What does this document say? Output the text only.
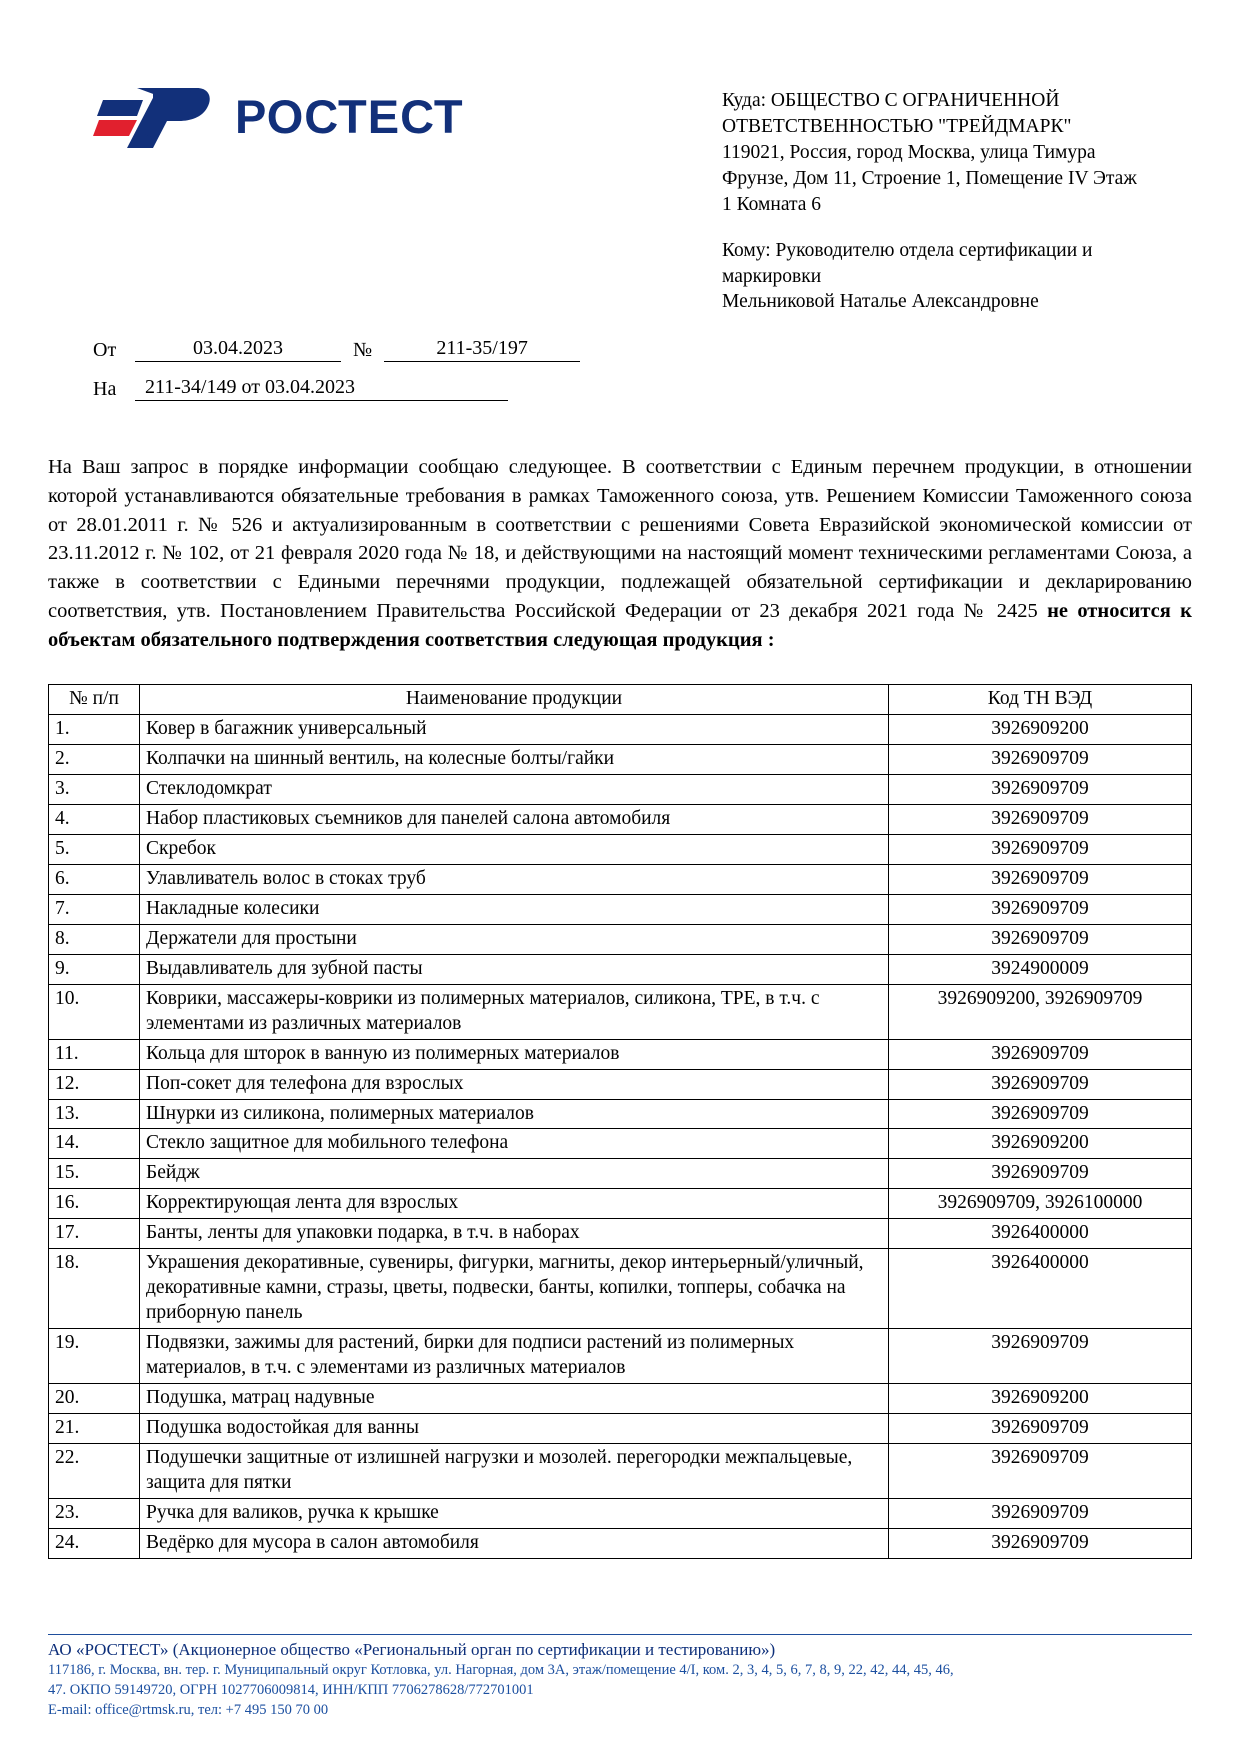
РОСТЕСТ	Куда: ОБЩЕСТВО С ОГРАНИЧЕННОЙ
ОТВЕТСТВЕННОСТЬЮ "ТРЕЙДМАРК"
119021, Россия, город Москва, улица Тимура
Фрунзе, Дом 11, Строение 1, Помещение IV Этаж
1 Комната 6
Кому: Руководителю отдела сертификации и
маркировки
Мельниковой Наталье Александровне
От	03.04.2023	№	211-35/197
На	211-34/149 от 03.04.2023
На Ваш запрос в порядке информации сообщаю следующее. В соответствии с Единым перечнем продукции, в отношении которой устанавливаются обязательные требования в рамках Таможенного союза, утв. Решением Комиссии Таможенного союза от 28.01.2011 г. № 526 и актуализированным в соответствии с решениями Совета Евразийской экономической комиссии от 23.11.2012 г. № 102, от 21 февраля 2020 года № 18, и действующими на настоящий момент техническими регламентами Союза, а также в соответствии с Едиными перечнями продукции, подлежащей обязательной сертификации и декларированию соответствия, утв. Постановлением Правительства Российской Федерации от 23 декабря 2021 года № 2425 не относится к объектам обязательного подтверждения соответствия следующая продукция :
№ п/п	Наименование продукции	Код ТН ВЭД
1.	Ковер в багажник универсальный	3926909200
2.	Колпачки на шинный вентиль, на колесные болты/гайки	3926909709
3.	Стеклодомкрат	3926909709
4.	Набор пластиковых съемников для панелей салона автомобиля	3926909709
5.	Скребок	3926909709
6.	Улавливатель волос в стоках труб	3926909709
7.	Накладные колесики	3926909709
8.	Держатели для простыни	3926909709
9.	Выдавливатель для зубной пасты	3924900009
10.	Коврики, массажеры-коврики из полимерных материалов, силикона, ТРЕ, в т.ч. с элементами из различных материалов	3926909200, 3926909709
11.	Кольца для шторок в ванную из полимерных материалов	3926909709
12.	Поп-сокет для телефона для взрослых	3926909709
13.	Шнурки из силикона, полимерных материалов	3926909709
14.	Стекло защитное для мобильного телефона	3926909200
15.	Бейдж	3926909709
16.	Корректирующая лента для взрослых	3926909709, 3926100000
17.	Банты, ленты для упаковки подарка, в т.ч. в наборах	3926400000
18.	Украшения декоративные, сувениры, фигурки, магниты, декор интерьерный/уличный, декоративные камни, стразы, цветы, подвески, банты, копилки, топперы, собачка на приборную панель	3926400000
19.	Подвязки, зажимы для растений, бирки для подписи растений из полимерных материалов, в т.ч. с элементами из различных материалов	3926909709
20.	Подушка, матрац надувные	3926909200
21.	Подушка водостойкая для ванны	3926909709
22.	Подушечки защитные от излишней нагрузки и мозолей. перегородки межпальцевые, защита для пятки	3926909709
23.	Ручка для валиков, ручка к крышке	3926909709
24.	Ведёрко для мусора в салон автомобиля	3926909709
АО «РОСТЕСТ» (Акционерное общество «Региональный орган по сертификации и тестированию»)
117186, г. Москва, вн. тер. г. Муниципальный округ Котловка, ул. Нагорная, дом 3А, этаж/помещение 4/I, ком. 2, 3, 4, 5, 6, 7, 8, 9, 22, 42, 44, 45, 46,
47. ОКПО 59149720, ОГРН 1027706009814, ИНН/КПП 7706278628/772701001
E-mail: office@rtmsk.ru, тел: +7 495 150 70 00
